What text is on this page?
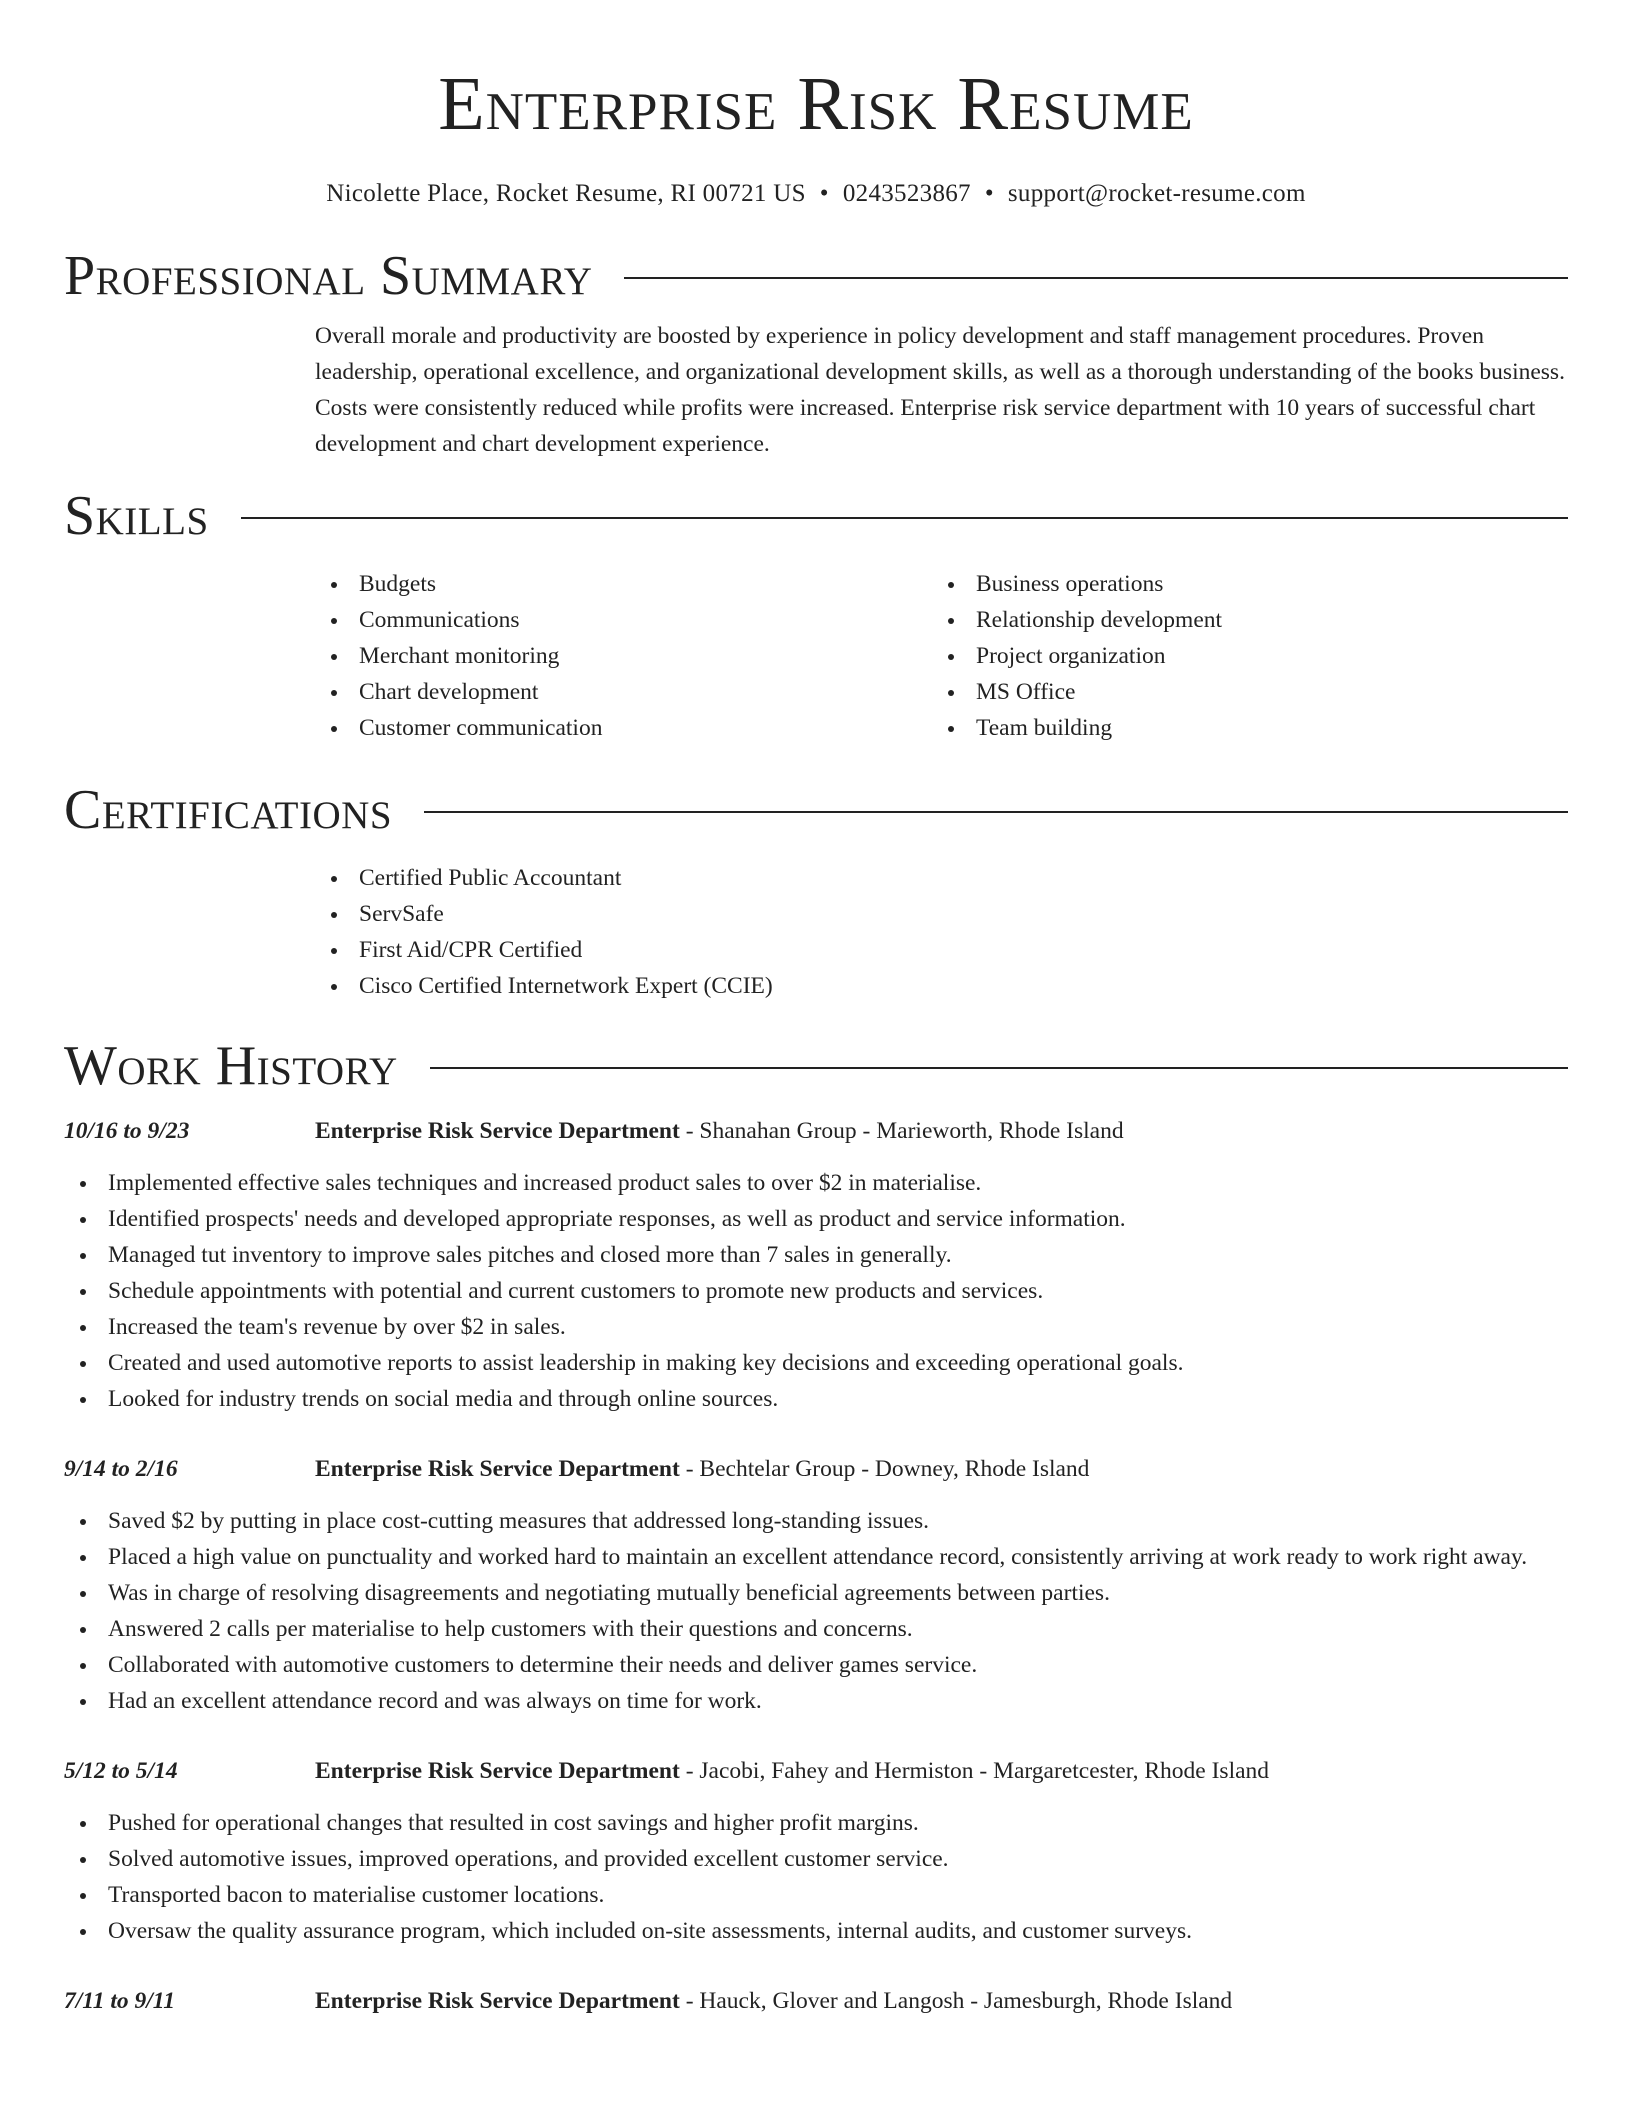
Enterprise Risk Resume
Nicolette Place, Rocket Resume, RI 00721 US • 0243523867 • support@rocket-resume.com
Professional Summary

Overall morale and productivity are boosted by experience in policy development and staff management procedures. Proven leadership, operational excellence, and organizational development skills, as well as a thorough understanding of the books business. Costs were consistently reduced while profits were increased. Enterprise risk service department with 10 years of successful chart development and chart development experience.

Skills
Budgets
Communications
Merchant monitoring
Chart development
Customer communication
Business operations
Relationship development
Project organization
MS Office
Team building
Certifications
Certified Public Accountant
ServSafe
First Aid/CPR Certified
Cisco Certified Internetwork Expert (CCIE)
Work History
10/16 to 9/23	Enterprise Risk Service Department - Shanahan Group - Marieworth, Rhode Island
Implemented effective sales techniques and increased product sales to over $2 in materialise.
Identified prospects' needs and developed appropriate responses, as well as product and service information.
Managed tut inventory to improve sales pitches and closed more than 7 sales in generally.
Schedule appointments with potential and current customers to promote new products and services.
Increased the team's revenue by over $2 in sales.
Created and used automotive reports to assist leadership in making key decisions and exceeding operational goals.
Looked for industry trends on social media and through online sources.
9/14 to 2/16	Enterprise Risk Service Department - Bechtelar Group - Downey, Rhode Island
Saved $2 by putting in place cost-cutting measures that addressed long-standing issues.
Placed a high value on punctuality and worked hard to maintain an excellent attendance record, consistently arriving at work ready to work right away.
Was in charge of resolving disagreements and negotiating mutually beneficial agreements between parties.
Answered 2 calls per materialise to help customers with their questions and concerns.
Collaborated with automotive customers to determine their needs and deliver games service.
Had an excellent attendance record and was always on time for work.
5/12 to 5/14	Enterprise Risk Service Department - Jacobi, Fahey and Hermiston - Margaretcester, Rhode Island
Pushed for operational changes that resulted in cost savings and higher profit margins.
Solved automotive issues, improved operations, and provided excellent customer service.
Transported bacon to materialise customer locations.
Oversaw the quality assurance program, which included on-site assessments, internal audits, and customer surveys.
7/11 to 9/11	Enterprise Risk Service Department - Hauck, Glover and Langosh - Jamesburgh, Rhode Island
